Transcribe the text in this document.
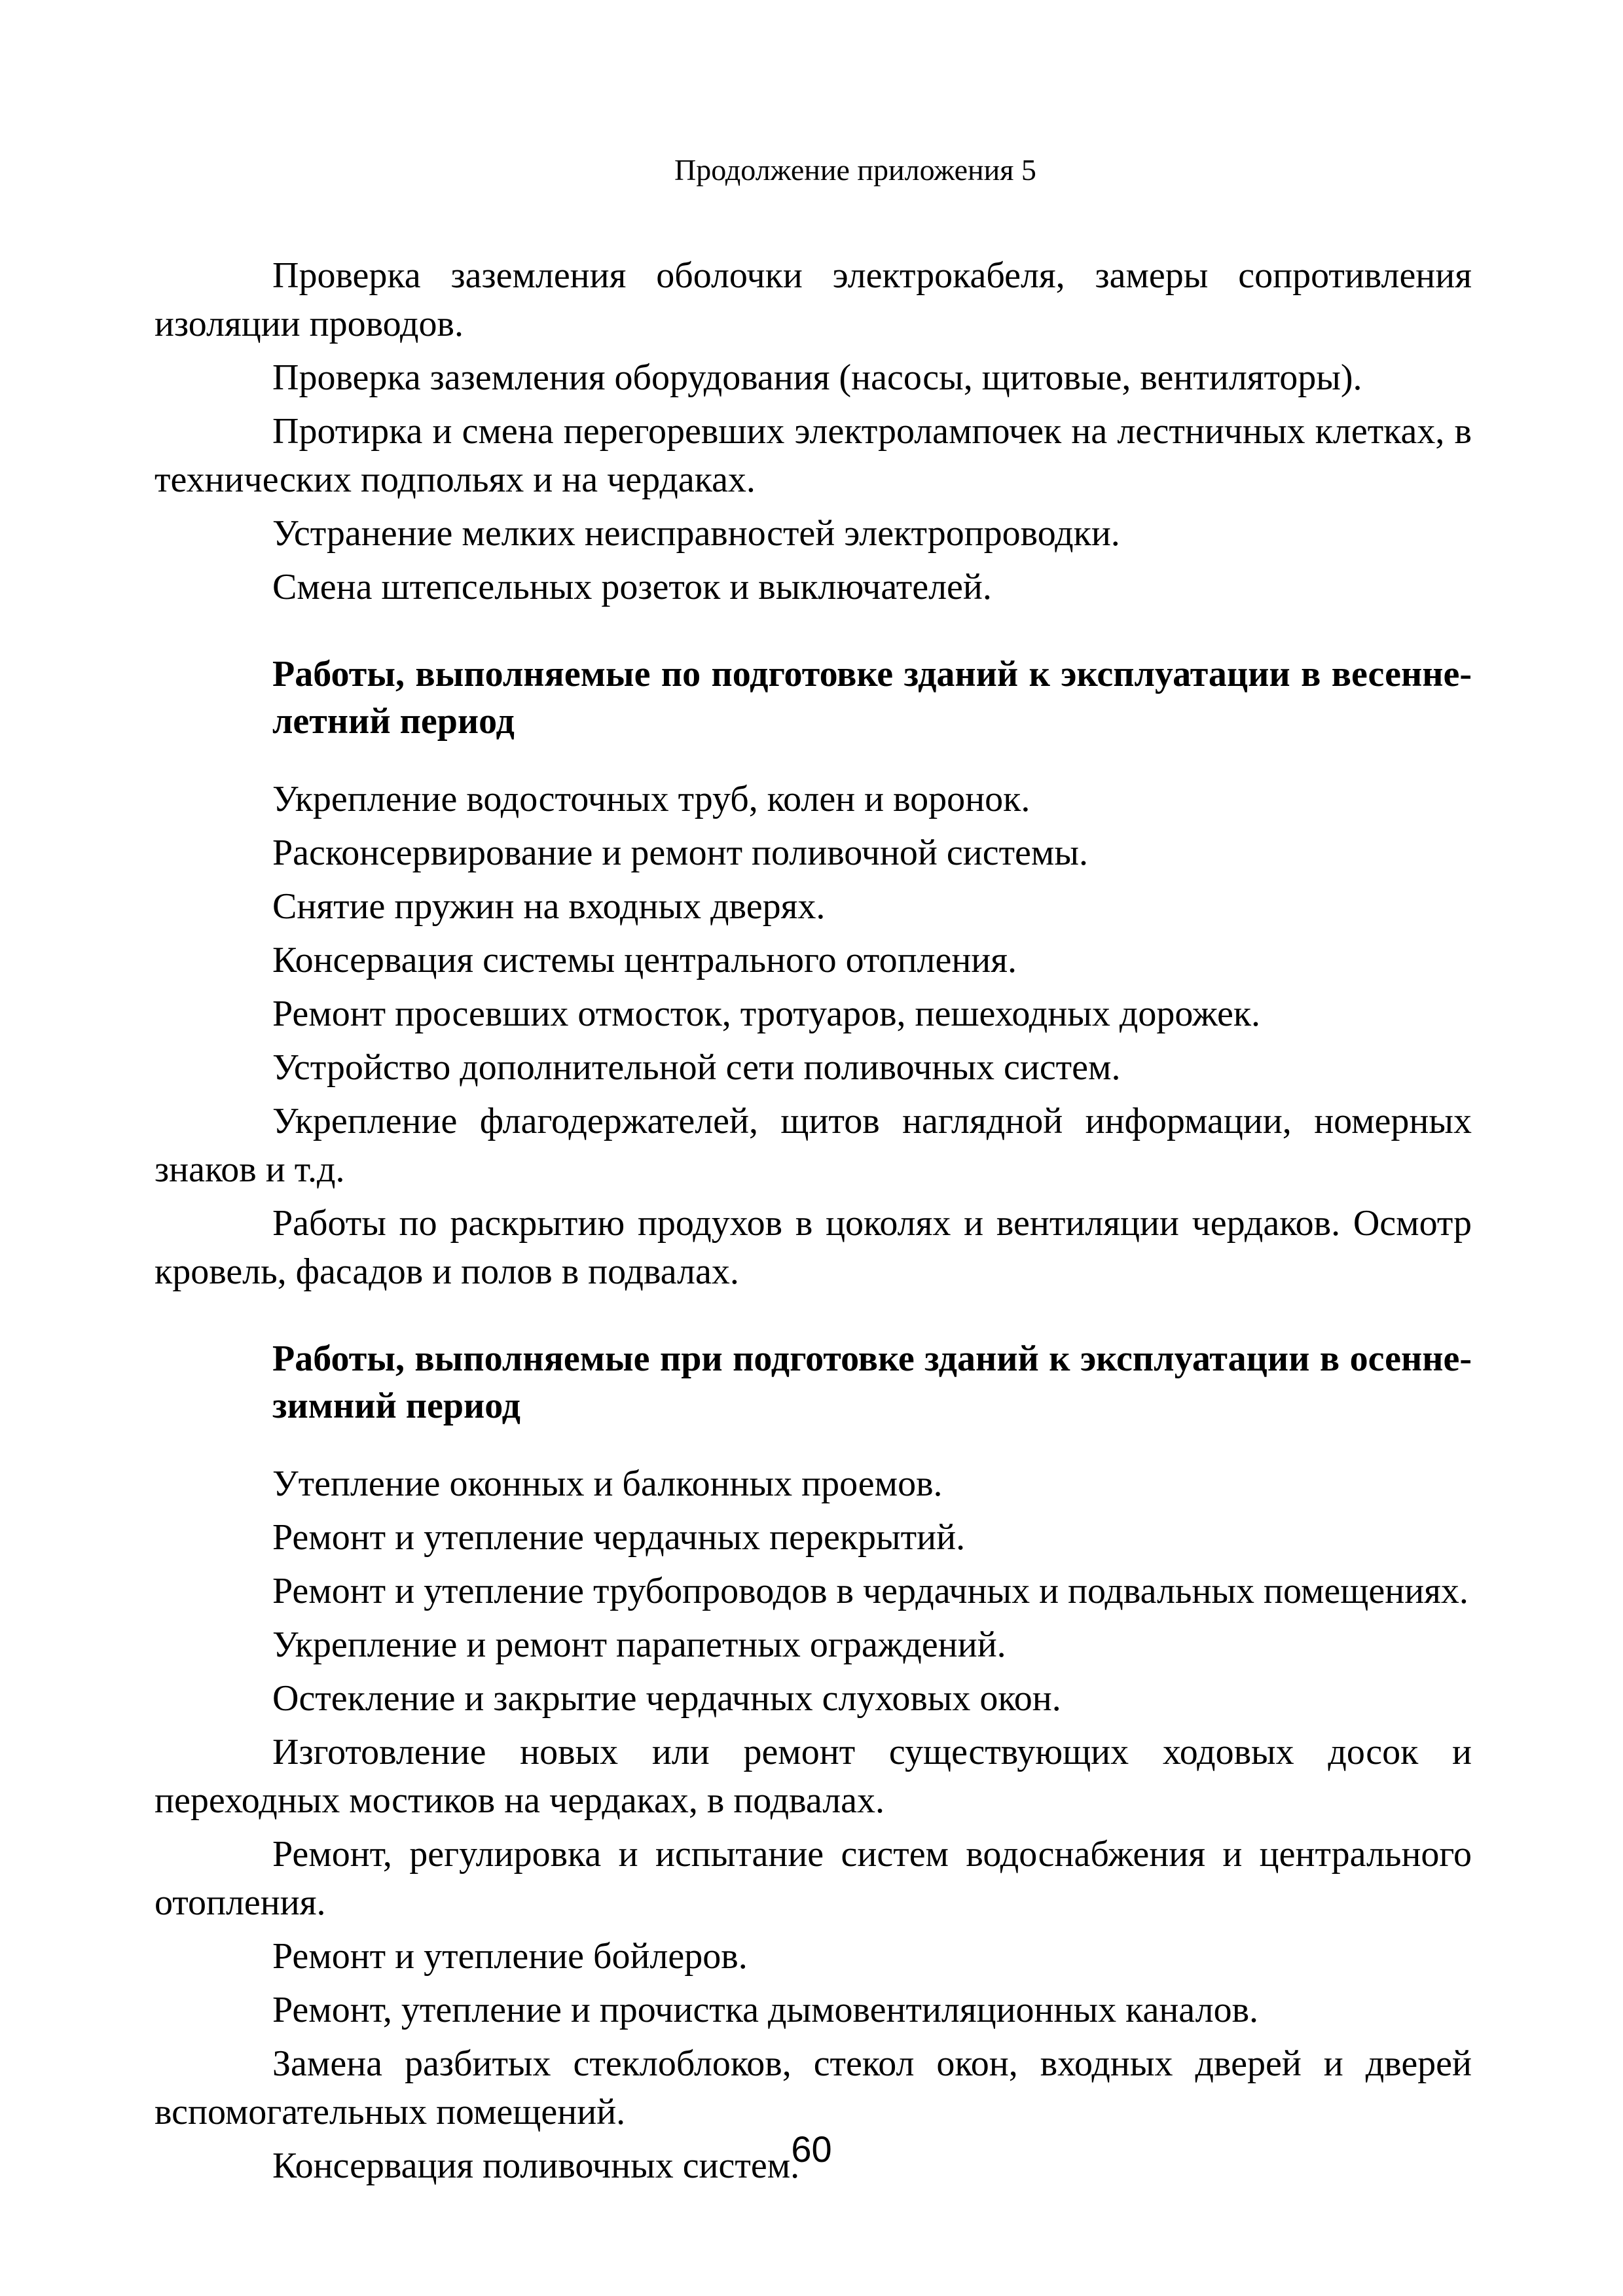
Продолжение приложения 5

Проверка заземления оболочки электрокабеля, замеры сопротивления изоляции проводов.

Проверка заземления оборудования (насосы, щитовые, вентиляторы).

Протирка и смена перегоревших электролампочек на лестничных клетках, в технических подпольях и на чердаках.

Устранение мелких неисправностей электропроводки.

Смена штепсельных розеток и выключателей.

Работы, выполняемые по подготовке зданий к эксплуатации в весенне-летний период

Укрепление водосточных труб, колен и воронок.

Расконсервирование и ремонт поливочной системы.

Снятие пружин на входных дверях.

Консервация системы центрального отопления.

Ремонт просевших отмосток, тротуаров, пешеходных дорожек.

Устройство дополнительной сети поливочных систем.

Укрепление флагодержателей, щитов наглядной информации, номерных знаков и т.д.

Работы по раскрытию продухов в цоколях и вентиляции чердаков. Осмотр кровель, фасадов и полов в подвалах.

Работы, выполняемые при подготовке зданий к эксплуатации в осенне-зимний период

Утепление оконных и балконных проемов.

Ремонт и утепление чердачных перекрытий.

Ремонт и утепление трубопроводов в чердачных и подвальных помещениях.

Укрепление и ремонт парапетных ограждений.

Остекление и закрытие чердачных слуховых окон.

Изготовление новых или ремонт существующих ходовых досок и переходных мостиков на чердаках, в подвалах.

Ремонт, регулировка и испытание систем водоснабжения и центрального отопления.

Ремонт и утепление бойлеров.

Ремонт, утепление и прочистка дымовентиляционных каналов.

Замена разбитых стеклоблоков, стекол окон, входных дверей и дверей вспомогательных помещений.

Консервация поливочных систем.

60
